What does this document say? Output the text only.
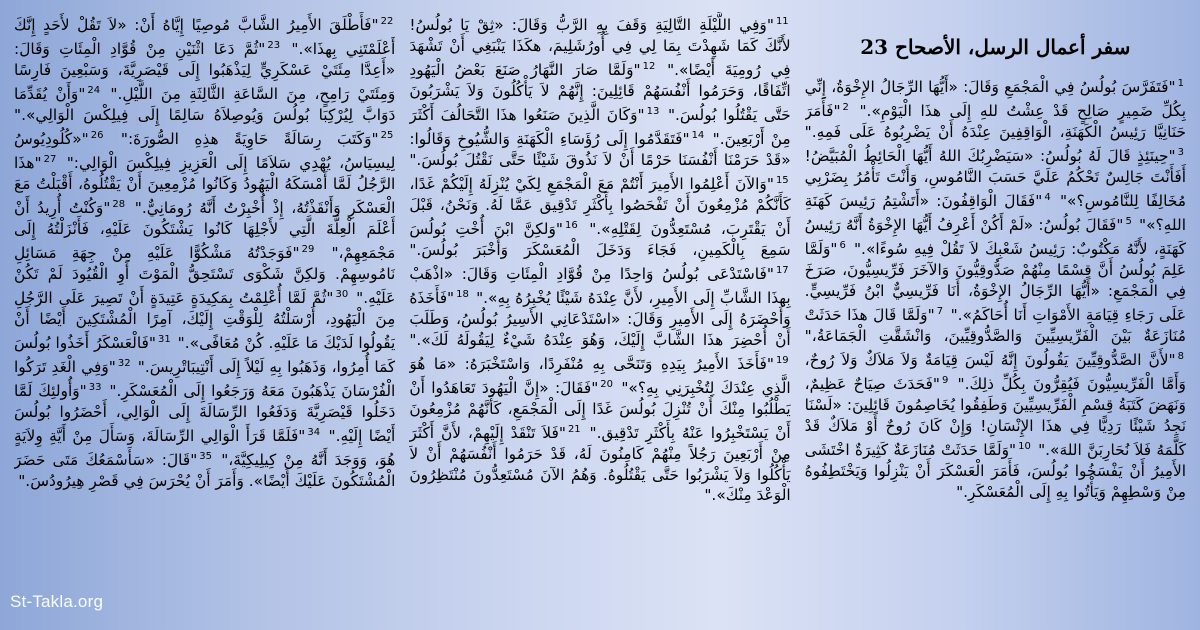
سفر أعمال الرسل، الأصحاح 23
$^1$"فَتَفَرَّسَ بُولُسُ فِي الْمَجْمَعِ وَقَالَ: «أَيُّهَا الرِّجَالُ الإِخْوَةُ، إِنِّي بِكُلِّ ضَمِيرٍ صَالِحٍ قَدْ عِشْتُ للهِ إِلَى هذَا الْيَوْمِ»." $^2$"فَأَمَرَ حَنَانِيَّا رَئِيسُ الْكَهَنَةِ، الْوَاقِفِينَ عِنْدَهُ أَنْ يَضْرِبُوهُ عَلَى فَمِهِ." $^3$"حِينَئِذٍ قَالَ لَهُ بُولُسُ: «سَيَضْرِبُكَ اللهُ أَيُّهَا الْحَائِطُ الْمُبَيَّضُ! أَفَأَنْتَ جَالِسٌ تَحْكُمُ عَلَيَّ حَسَبَ النَّامُوسِ، وَأَنْتَ تَأْمُرُ بِضَرْبِي مُخَالِفًا لِلنَّامُوسِ؟»" $^4$"فَقَالَ الْوَاقِفُونَ: «أَتَشْتِمُ رَئِيسَ كَهَنَةِ اللهِ؟»" $^5$"فَقَالَ بُولُسُ: «لَمْ أَكُنْ أَعْرِفُ أَيُّهَا الإِخْوَةُ أَنَّهُ رَئِيسُ كَهَنَةٍ، لأَنَّهُ مَكْتُوبٌ: رَئِيسُ شَعْبِكَ لاَ تَقُلْ فِيهِ سُوءًا»." $^6$"وَلَمَّا عَلِمَ بُولُسُ أَنَّ قِسْمًا مِنْهُمْ صَدُّوقِيُّونَ وَالآخَرَ فَرِّيسِيُّونَ، صَرَخَ فِي الْمَجْمَعِ: «أَيُّهَا الرِّجَالُ الإِخْوَةُ، أَنَا فَرِّيسِيٌّ ابْنُ فَرِّيسِيٍّ. عَلَى رَجَاءِ قِيَامَةِ الأَمْوَاتِ أَنَا أُحَاكَمُ»." $^7$"وَلَمَّا قَالَ هذَا حَدَثَتْ مُنَازَعَةٌ بَيْنَ الْفَرِّيسِيِّينَ وَالصَّدُّوقِيِّينَ، وَانْشَقَّتِ الْجَمَاعَةُ،" $^8$"لأَنَّ الصَّدُّوقِيِّينَ يَقُولُونَ إِنَّهُ لَيْسَ قِيَامَةٌ وَلاَ مَلاَكٌ وَلاَ رُوحٌ، وَأَمَّا الْفَرِّيسِيُّونَ فَيُقِرُّونَ بِكُلِّ ذلِكَ." $^9$"فَحَدَثَ صِيَاحٌ عَظِيمٌ، وَنَهَضَ كَتَبَةُ قِسْمِ الْفَرِّيسِيِّينَ وَطَفِقُوا يُخَاصِمُونَ قَائِلِينَ: «لَسْنَا نَجِدُ شَيْئًا رَدِيًّا فِي هذَا الإِنْسَانِ! وَإِنْ كَانَ رُوحٌ أَوْ مَلاَكٌ قَدْ كَلَّمَهُ فَلاَ نُحَارِبَنَّ اللهَ»." $^{10}$"وَلَمَّا حَدَثَتْ مُنَازَعَةٌ كَثِيرَةٌ اخْتَشَى الأَمِيرُ أَنْ يَفْسَخُوا بُولُسَ، فَأَمَرَ الْعَسْكَرَ أَنْ يَنْزِلُوا وَيَخْتَطِفُوهُ مِنْ وَسْطِهِمْ وَيَأْتُوا بِهِ إِلَى الْمُعَسْكَرِ."
$^{11}$"وَفِي اللَّيْلَةِ التَّالِيَةِ وَقَفَ بِهِ الرَّبُّ وَقَالَ: «ثِقْ يَا بُولُسُ! لأَنَّكَ كَمَا شَهِدْتَ بِمَا لِي فِي أُورُشَلِيمَ، هكَذَا يَنْبَغِي أَنْ تَشْهَدَ فِي رُومِيَةَ أَيْضًا»." $^{12}$"وَلَمَّا صَارَ النَّهَارُ صَنَعَ بَعْضُ الْيَهُودِ اتِّفَاقًا، وَحَرَمُوا أَنْفُسَهُمْ قَائِلِينَ: إِنَّهُمْ لاَ يَأْكُلُونَ وَلاَ يَشْرَبُونَ حَتَّى يَقْتُلُوا بُولُسَ." $^{13}$"وَكَانَ الَّذِينَ صَنَعُوا هذَا التَّحَالُفَ أَكْثَرَ مِنْ أَرْبَعِينَ." $^{14}$"فَتَقَدَّمُوا إِلَى رُؤَسَاءِ الْكَهَنَةِ وَالشُّيُوخِ وَقَالُوا: «قَدْ حَرَمْنَا أَنْفُسَنَا حَرْمًا أَنْ لاَ نَذُوقَ شَيْئًا حَتَّى نَقْتُلَ بُولُسَ." $^{15}$"وَالآنَ أَعْلِمُوا الأَمِيرَ أَنْتُمْ مَعَ الْمَجْمَعِ لِكَيْ يُنْزِلَهُ إِلَيْكُمْ غَدًا، كَأَنَّكُمْ مُزْمِعُونَ أَنْ تَفْحَصُوا بِأَكْثَرِ تَدْقِيق عَمَّا لَهُ. وَنَحْنُ، قَبْلَ أَنْ يَقْتَرِبَ، مُسْتَعِدُّونَ لِقَتْلِهِ»." $^{16}$"وَلكِنَّ ابْنَ أُخْتِ بُولُسَ سَمِعَ بِالْكَمِينِ، فَجَاءَ وَدَخَلَ الْمُعَسْكَرَ وَأَخْبَرَ بُولُسَ." $^{17}$"فَاسْتَدْعَى بُولُسُ وَاحِدًا مِنْ قُوَّادِ الْمِئَاتِ وَقَالَ: «اذْهَبْ بِهذَا الشَّابِّ إِلَى الأَمِيرِ، لأَنَّ عِنْدَهُ شَيْئًا يُخْبِرُهُ بِهِ»." $^{18}$"فَأَخَذَهُ وَأَحْضَرَهُ إِلَى الأَمِيرِ وَقَالَ: «اسْتَدْعَانِي الأَسِيرُ بُولُسُ، وَطَلَبَ أَنْ أُحْضِرَ هذَا الشَّابَّ إِلَيْكَ، وَهُوَ عِنْدَهُ شَيْءٌ لِيَقُولَهُ لَكَ»." $^{19}$"فَأَخَذَ الأَمِيرُ بِيَدِهِ وَتَنَحَّى بِهِ مُنْفَرِدًا، وَاسْتَخْبَرَهُ: «مَا هُوَ الَّذِي عِنْدَكَ لِتُخْبِرَنِي بِهِ؟»" $^{20}$"فَقَالَ: «إِنَّ الْيَهُودَ تَعَاهَدُوا أَنْ يَطْلُبُوا مِنْكَ أَنْ تُنْزِلَ بُولُسَ غَدًا إِلَى الْمَجْمَعِ، كَأَنَّهُمْ مُزْمِعُونَ أَنْ يَسْتَخْبِرُوا عَنْهُ بِأَكْثَرِ تَدْقِيق." $^{21}$"فَلاَ تَنْقَدْ إِلَيْهِمْ، لأَنَّ أَكْثَرَ مِنْ أَرْبَعِينَ رَجُلاً مِنْهُمْ كَامِنُونَ لَهُ، قَدْ حَرَمُوا أَنْفُسَهُمْ أَنْ لاَ يَأْكُلُوا وَلاَ يَشْرَبُوا حَتَّى يَقْتُلُوهُ. وَهُمُ الآنَ مُسْتَعِدُّونَ مُنْتَظِرُونَ الْوَعْدَ مِنْكَ»."
$^{22}$"فَأَطْلَقَ الأَمِيرُ الشَّابَّ مُوصِيًا إِيَّاهُ أَنْ: «لاَ تَقُلْ لأَحَدٍ إِنَّكَ أَعْلَمْتَنِي بِهذَا»." $^{23}$"ثُمَّ دَعَا اثْنَيْنِ مِنْ قُوَّادِ الْمِئَاتِ وَقَالَ: «أَعِدَّا مِئَتَيْ عَسْكَرِيٍّ لِيَذْهَبُوا إِلَى قَيْصَرِيَّةَ، وَسَبْعِينَ فَارِسًا وَمِئَتَيْ رَامِحٍ، مِنَ السَّاعَةِ الثَّالِثَةِ مِنَ اللَّيْلِ." $^{24}$"وَأَنْ يُقَدِّمَا دَوَابَّ لِيُرْكِبَا بُولُسَ وَيُوصِلاَهُ سَالِمًا إِلَى فِيلِكْسَ الْوَالِي»." $^{25}$"وَكَتَبَ رِسَالَةً حَاوِيَةً هذِهِ الصُّورَةَ:" $^{26}$"«كُلُودِيُوسُ لِيسِيَاسُ، يُهْدِي سَلاَمًا إِلَى الْعَزِيزِ فِيلِكْسَ الْوَالِي:" $^{27}$"هذَا الرَّجُلُ لَمَّا أَمْسَكَهُ الْيَهُودُ وَكَانُوا مُزْمِعِينَ أَنْ يَقْتُلُوهُ، أَقْبَلْتُ مَعَ الْعَسْكَرِ وَأَنْقَذْتُهُ، إِذْ أُخْبِرْتُ أَنَّهُ رُومَانِيٌّ." $^{28}$"وَكُنْتُ أُرِيدُ أَنْ أَعْلَمَ الْعِلَّةَ الَّتِي لأَجْلِهَا كَانُوا يَشْتَكُونَ عَلَيْهِ، فَأَنْزَلْتُهُ إِلَى مَجْمَعِهِمْ،" $^{29}$"فَوَجَدْتُهُ مَشْكُوًّا عَلَيْهِ مِنْ جِهَةِ مَسَائِلِ نَامُوسِهِمْ. وَلكِنَّ شَكْوَى تَسْتَحِقُّ الْمَوْتَ أَوِ الْقُيُودَ لَمْ تَكُنْ عَلَيْهِ." $^{30}$"ثُمَّ لَمَّا أُعْلِمْتُ بِمَكِيدَةٍ عَتِيدَةٍ أَنْ تَصِيرَ عَلَى الرَّجُلِ مِنَ الْيَهُودِ، أَرْسَلْتُهُ لِلْوَقْتِ إِلَيْكَ، آمِرًا الْمُشْتَكِينَ أَيْضًا أَنْ يَقُولُوا لَدَيْكَ مَا عَلَيْهِ. كُنْ مُعَافًى»." $^{31}$"فَالْعَسْكَرُ أَخَذُوا بُولُسَ كَمَا أُمِرُوا، وَذَهَبُوا بِهِ لَيْلاً إِلَى أَنْتِيبَاتْرِيسَ." $^{32}$"وَفِي الْغَدِ تَرَكُوا الْفُرْسَانَ يَذْهَبُونَ مَعَهُ وَرَجَعُوا إِلَى الْمُعَسْكَرِ." $^{33}$"وَأُولئِكَ لَمَّا دَخَلُوا قَيْصَرِيَّةَ وَدَفَعُوا الرِّسَالَةَ إِلَى الْوَالِي، أَحْضَرُوا بُولُسَ أَيْضًا إِلَيْهِ." $^{34}$"فَلَمَّا قَرَأَ الْوَالِي الرِّسَالَةَ، وَسَأَلَ مِنْ أَيَّةِ وِلاَيَةٍ هُوَ، وَوَجَدَ أَنَّهُ مِنْ كِيلِيكِيَّةَ،" $^{35}$"قَالَ: «سَأَسْمَعُكَ مَتَى حَضَرَ الْمُشْتَكُونَ عَلَيْكَ أَيْضًا». وَأَمَرَ أَنْ يُحْرَسَ فِي قَصْرِ هِيرُودُسَ."
St-Takla.org
